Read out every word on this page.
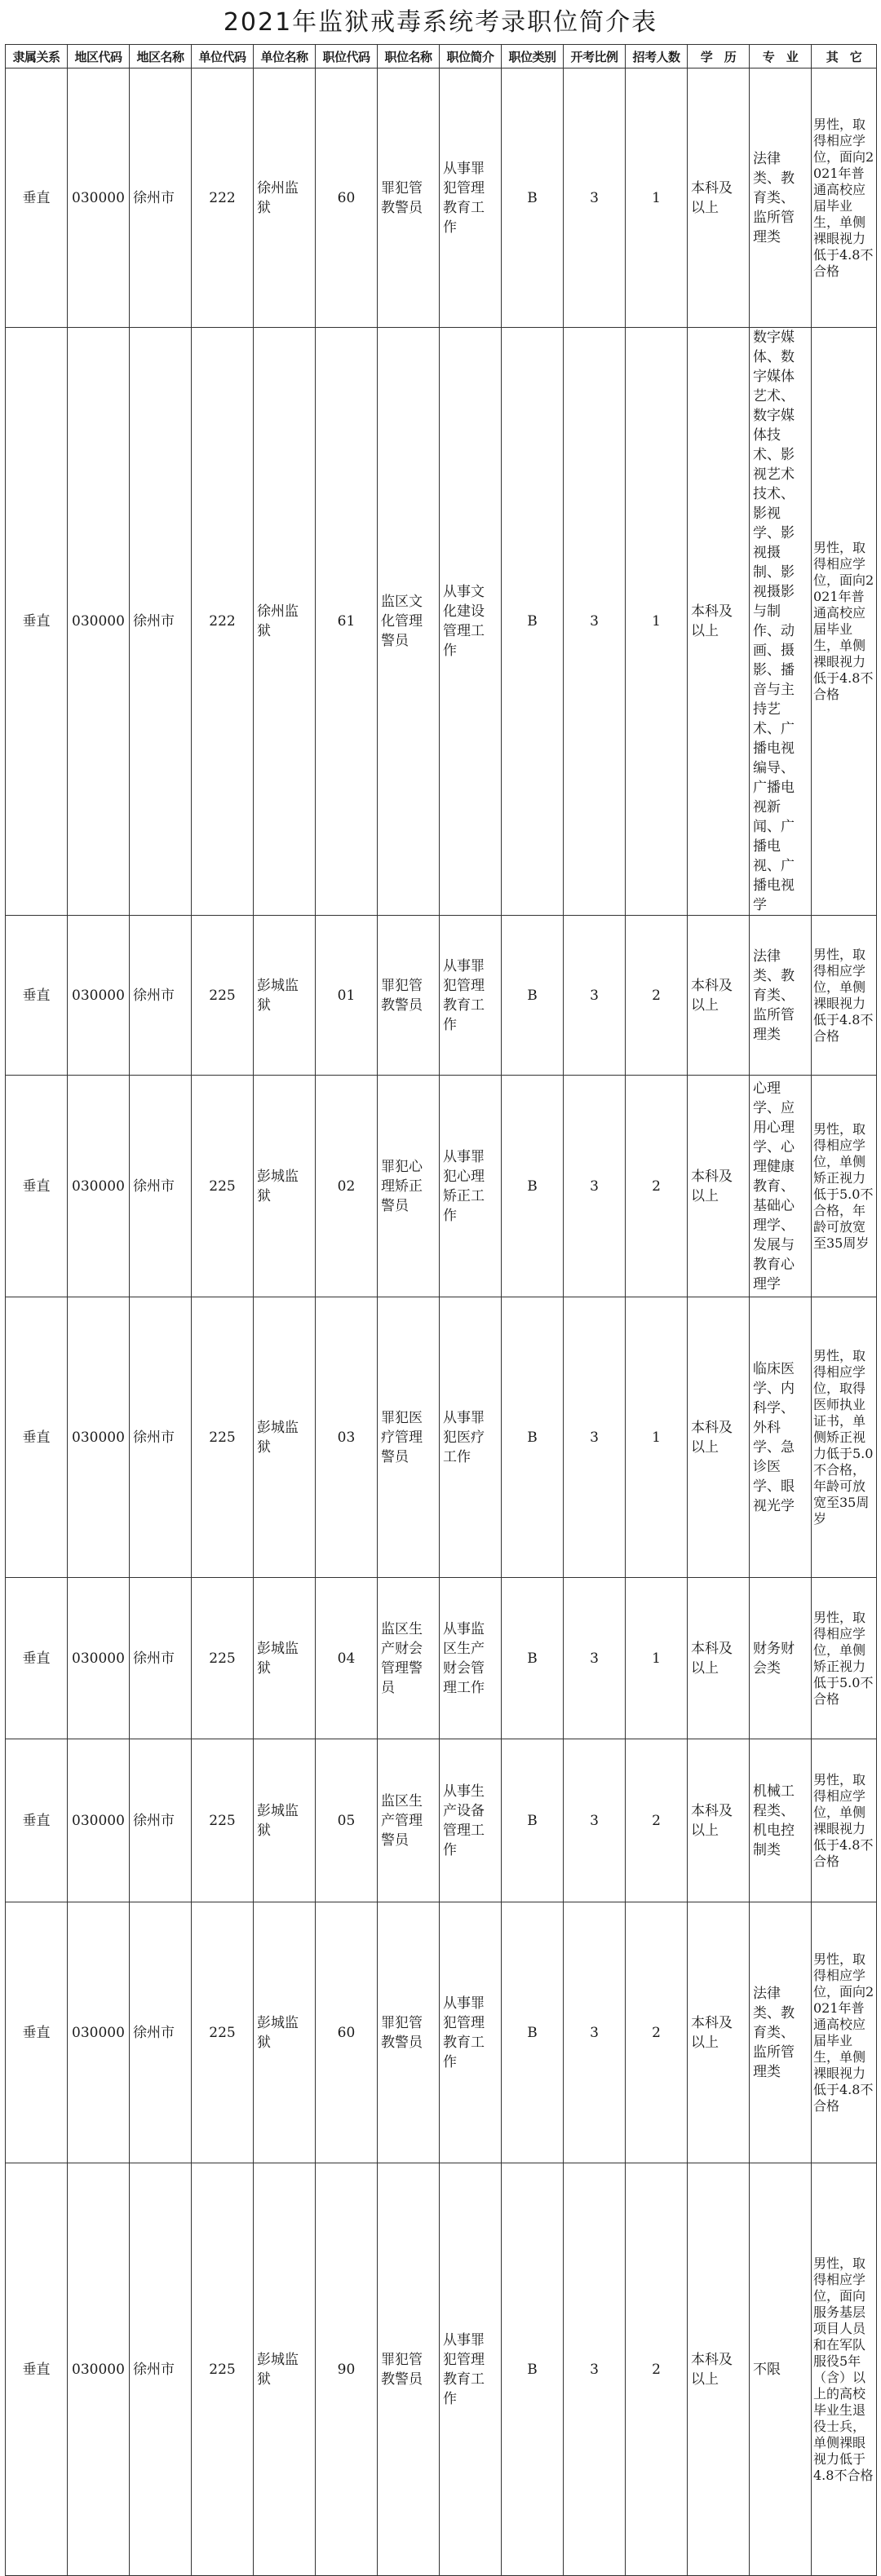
2021年监狱戒毒系统考录职位简介表
隶属关系	地区代码	地区名称	单位代码	单位名称	职位代码	职位名称	职位简介	职位类别	开考比例	招考人数	学　历	专　业	其　它
垂直	030000	徐州市	222	徐州监狱	60	罪犯管教警员	从事罪犯管理教育工作	B	3	1	本科及以上	法律类、教育类、监所管理类	男性，取得相应学位，面向2021年普通高校应届毕业生，单侧裸眼视力低于4.8不合格
垂直	030000	徐州市	222	徐州监狱	61	监区文化管理警员	从事文化建设管理工作	B	3	1	本科及以上	数字媒体、数字媒体艺术、数字媒体技术、影视艺术技术、影视学、影视摄制、影视摄影与制作、动画、摄影、播音与主持艺术、广播电视编导、广播电视新闻、广播电视、广播电视学	男性，取得相应学位，面向2021年普通高校应届毕业生，单侧裸眼视力低于4.8不合格
垂直	030000	徐州市	225	彭城监狱	01	罪犯管教警员	从事罪犯管理教育工作	B	3	2	本科及以上	法律类、教育类、监所管理类	男性，取得相应学位，单侧裸眼视力低于4.8不合格
垂直	030000	徐州市	225	彭城监狱	02	罪犯心理矫正警员	从事罪犯心理矫正工作	B	3	2	本科及以上	心理学、应用心理学、心理健康教育、基础心理学、发展与教育心理学	男性，取得相应学位，单侧矫正视力低于5.0不合格，年龄可放宽至35周岁
垂直	030000	徐州市	225	彭城监狱	03	罪犯医疗管理警员	从事罪犯医疗工作	B	3	1	本科及以上	临床医学、内科学、外科学、急诊医学、眼视光学	男性，取得相应学位，取得医师执业证书，单侧矫正视力低于5.0不合格，年龄可放宽至35周岁
垂直	030000	徐州市	225	彭城监狱	04	监区生产财会管理警员	从事监区生产财会管理工作	B	3	1	本科及以上	财务财会类	男性，取得相应学位，单侧矫正视力低于5.0不合格
垂直	030000	徐州市	225	彭城监狱	05	监区生产管理警员	从事生产设备管理工作	B	3	2	本科及以上	机械工程类、机电控制类	男性，取得相应学位，单侧裸眼视力低于4.8不合格
垂直	030000	徐州市	225	彭城监狱	60	罪犯管教警员	从事罪犯管理教育工作	B	3	2	本科及以上	法律类、教育类、监所管理类	男性，取得相应学位，面向2021年普通高校应届毕业生，单侧裸眼视力低于4.8不合格
垂直	030000	徐州市	225	彭城监狱	90	罪犯管教警员	从事罪犯管理教育工作	B	3	2	本科及以上	不限	男性，取得相应学位，面向服务基层项目人员和在军队服役5年（含）以上的高校毕业生退役士兵，单侧裸眼视力低于4.8不合格
